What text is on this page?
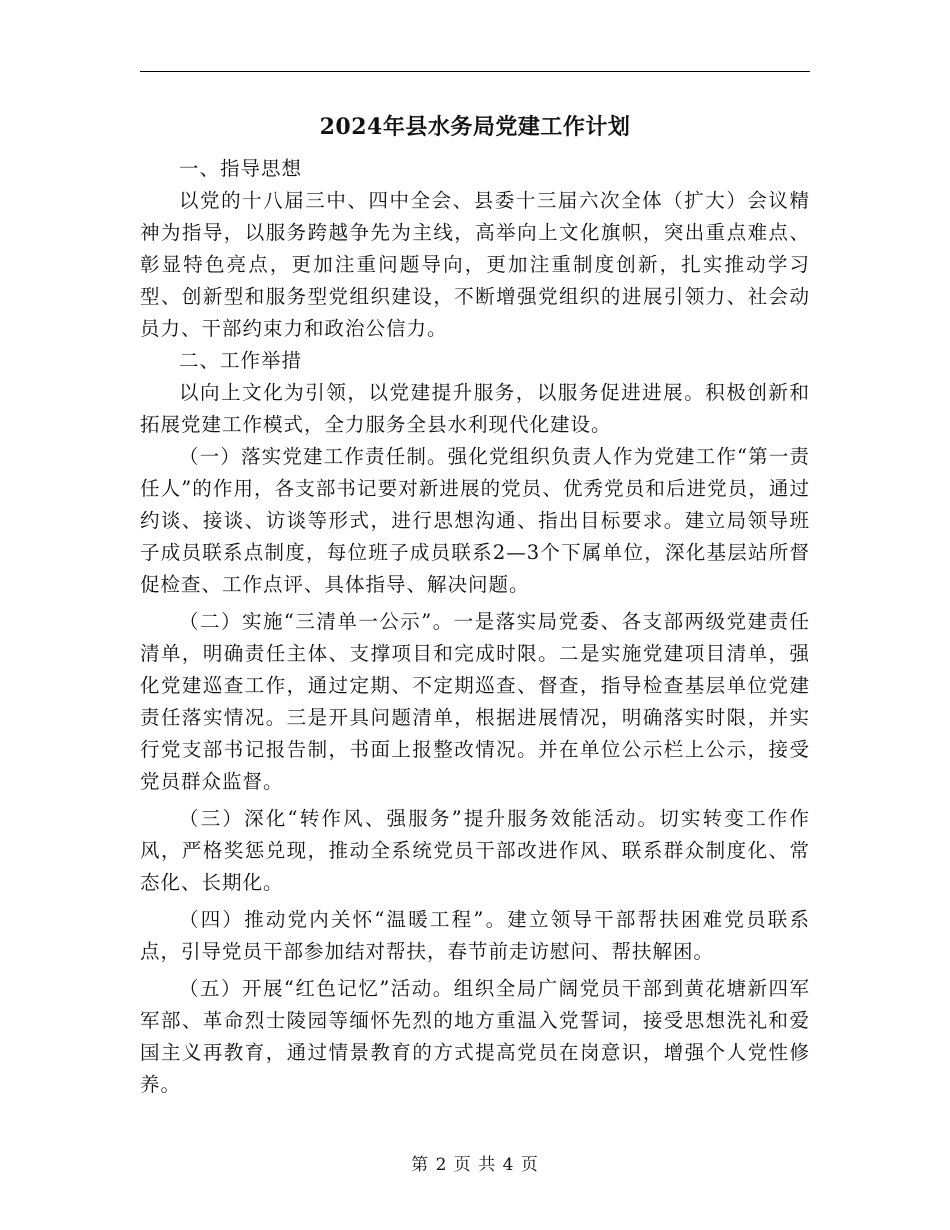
2024年县水务局党建工作计划

一、指导思想

以党的十八届三中、四中全会、县委十三届六次全体（扩大）会议精神为指导，以服务跨越争先为主线，高举向上文化旗帜，突出重点难点、彰显特色亮点，更加注重问题导向，更加注重制度创新，扎实推动学习型、创新型和服务型党组织建设，不断增强党组织的进展引领力、社会动员力、干部约束力和政治公信力。

二、工作举措

以向上文化为引领，以党建提升服务，以服务促进进展。积极创新和拓展党建工作模式，全力服务全县水利现代化建设。

（一）落实党建工作责任制。强化党组织负责人作为党建工作“第一责任人”的作用，各支部书记要对新进展的党员、优秀党员和后进党员，通过约谈、接谈、访谈等形式，进行思想沟通、指出目标要求。建立局领导班子成员联系点制度，每位班子成员联系2—3个下属单位，深化基层站所督促检查、工作点评、具体指导、解决问题。

（二）实施“三清单一公示”。一是落实局党委、各支部两级党建责任清单，明确责任主体、支撑项目和完成时限。二是实施党建项目清单，强化党建巡查工作，通过定期、不定期巡查、督查，指导检查基层单位党建责任落实情况。三是开具问题清单，根据进展情况，明确落实时限，并实行党支部书记报告制，书面上报整改情况。并在单位公示栏上公示，接受党员群众监督。

（三）深化“转作风、强服务”提升服务效能活动。切实转变工作作风，严格奖惩兑现，推动全系统党员干部改进作风、联系群众制度化、常态化、长期化。

（四）推动党内关怀“温暖工程”。建立领导干部帮扶困难党员联系点，引导党员干部参加结对帮扶，春节前走访慰问、帮扶解困。

（五）开展“红色记忆”活动。组织全局广阔党员干部到黄花塘新四军军部、革命烈士陵园等缅怀先烈的地方重温入党誓词，接受思想洗礼和爱国主义再教育，通过情景教育的方式提高党员在岗意识，增强个人党性修养。

第 2 页 共 4 页
